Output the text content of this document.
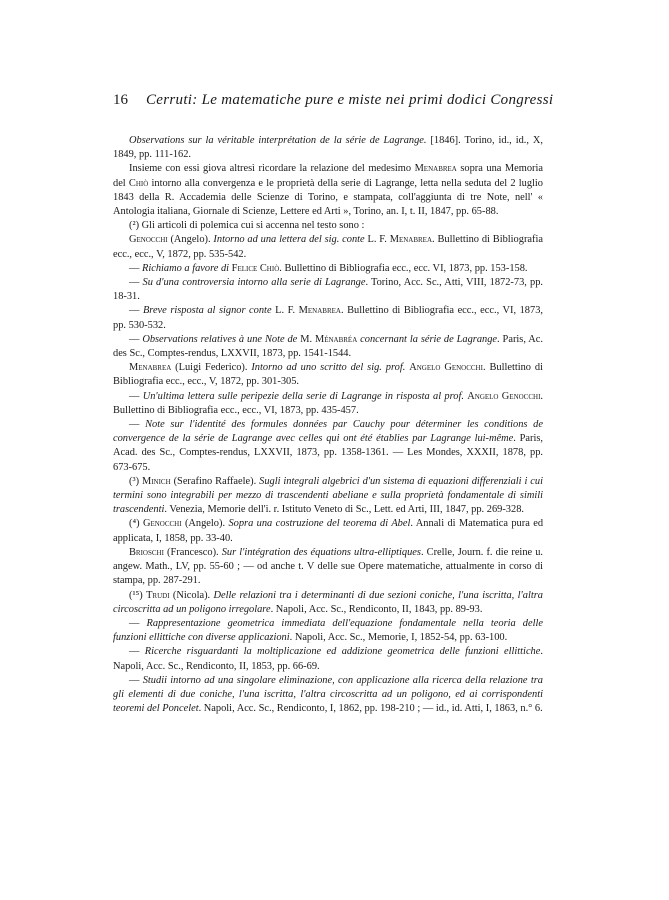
16 Cerruti: Le matematiche pure e miste nei primi dodici Congressi

Observations sur la véritable interprétation de la série de Lagrange. [1846]. Torino, id., id., X, 1849, pp. 111-162.

Insieme con essi giova altresì ricordare la relazione del medesimo Menabrea sopra una Memoria del Chiò intorno alla convergenza e le proprietà della serie di Lagrange, letta nella seduta del 2 luglio 1843 della R. Accademia delle Scienze di Torino, e stampata, coll'aggiunta di tre Note, nell' « Antologia italiana, Giornale di Scienze, Lettere ed Arti », Torino, an. I, t. II, 1847, pp. 65-88.

(²) Gli articoli di polemica cui si accenna nel testo sono :

Genocchi (Angelo). Intorno ad una lettera del sig. conte L. F. Menabrea. Bullettino di Bibliografia ecc., ecc., V, 1872, pp. 535-542.

— Richiamo a favore di Felice Chiò. Bullettino di Bibliografia ecc., ecc. VI, 1873, pp. 153-158.

— Su d'una controversia intorno alla serie di Lagrange. Torino, Acc. Sc., Atti, VIII, 1872-73, pp. 18-31.

— Breve risposta al signor conte L. F. Menabrea. Bullettino di Bibliografia ecc., ecc., VI, 1873, pp. 530-532.

— Observations relatives à une Note de M. Ménabréa concernant la série de Lagrange. Paris, Ac. des Sc., Comptes-rendus, LXXVII, 1873, pp. 1541-1544.

Menabrea (Luigi Federico). Intorno ad uno scritto del sig. prof. Angelo Genocchi. Bullettino di Bibliografia ecc., ecc., V, 1872, pp. 301-305.

— Un'ultima lettera sulle peripezie della serie di Lagrange in risposta al prof. Angelo Genocchi. Bullettino di Bibliografia ecc., ecc., VI, 1873, pp. 435-457.

— Note sur l'identité des formules données par Cauchy pour déterminer les conditions de convergence de la série de Lagrange avec celles qui ont été établies par Lagrange lui-même. Paris, Acad. des Sc., Comptes-rendus, LXXVII, 1873, pp. 1358-1361. — Les Mondes, XXXII, 1878, pp. 673-675.

(³) Minich (Serafino Raffaele). Sugli integrali algebrici d'un sistema di equazioni differenziali i cui termini sono integrabili per mezzo di trascendenti abeliane e sulla proprietà fondamentale di simili trascendenti. Venezia, Memorie dell'i. r. Istituto Veneto di Sc., Lett. ed Arti, III, 1847, pp. 269-328.

(⁴) Genocchi (Angelo). Sopra una costruzione del teorema di Abel. Annali di Matematica pura ed applicata, I, 1858, pp. 33-40.

Brioschi (Francesco). Sur l'intégration des équations ultra-elliptiques. Crelle, Journ. f. die reine u. angew. Math., LV, pp. 55-60 ; — od anche t. V delle sue Opere matematiche, attualmente in corso di stampa, pp. 287-291.

(¹⁵) Trudi (Nicola). Delle relazioni tra i determinanti di due sezioni coniche, l'una iscritta, l'altra circoscritta ad un poligono irregolare. Napoli, Acc. Sc., Rendiconto, II, 1843, pp. 89-93.

— Rappresentazione geometrica immediata dell'equazione fondamentale nella teoria delle funzioni ellittiche con diverse applicazioni. Napoli, Acc. Sc., Memorie, I, 1852-54, pp. 63-100.

— Ricerche risguardanti la moltiplicazione ed addizione geometrica delle funzioni ellittiche. Napoli, Acc. Sc., Rendiconto, II, 1853, pp. 66-69.

— Studii intorno ad una singolare eliminazione, con applicazione alla ricerca della relazione tra gli elementi di due coniche, l'una iscritta, l'altra circoscritta ad un poligono, ed ai corrispondenti teoremi del Poncelet. Napoli, Acc. Sc., Rendiconto, I, 1862, pp. 198-210 ; — id., id. Atti, I, 1863, n.° 6.
